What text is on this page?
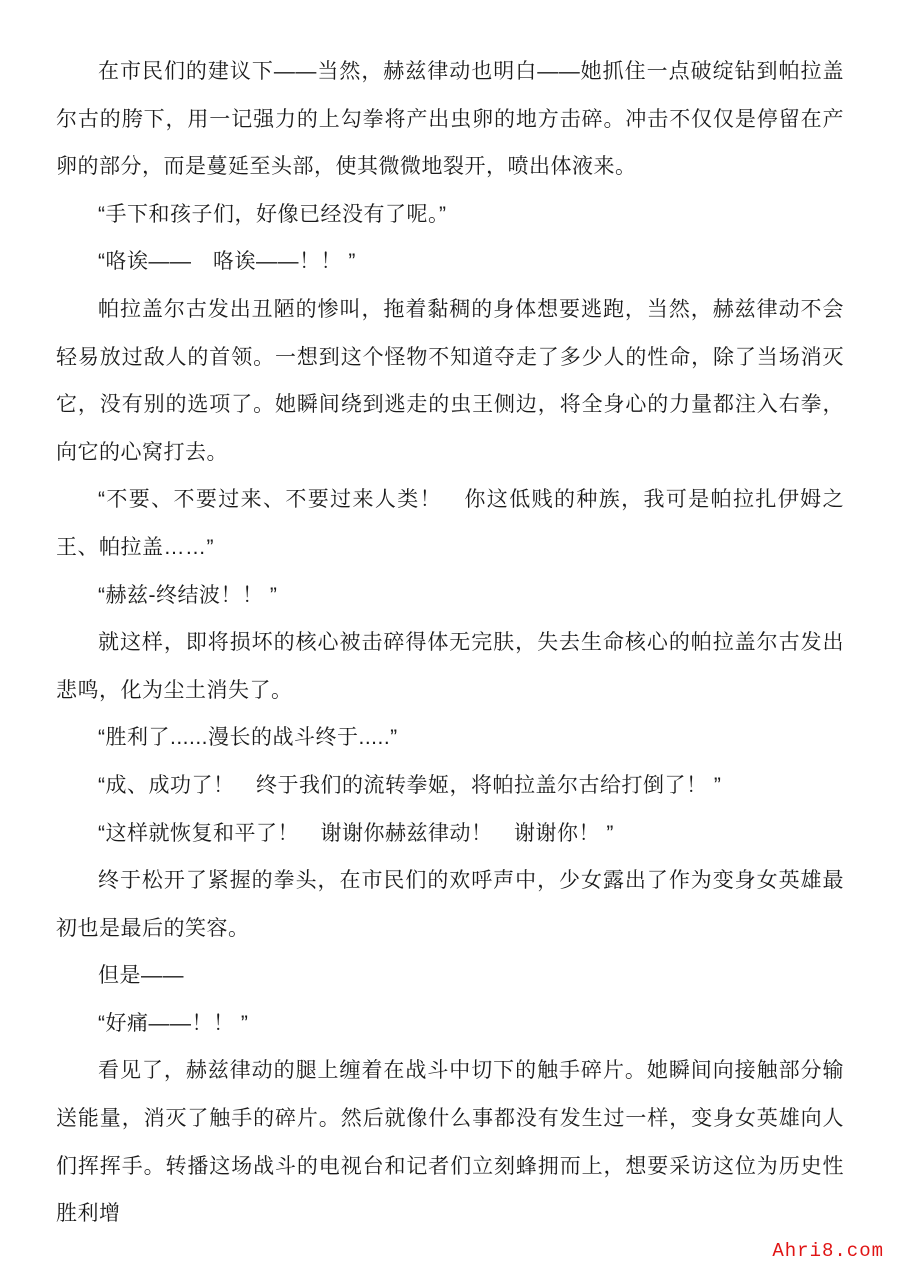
在市民们的建议下——当然，赫兹律动也明白——她抓住一点破绽钻到帕拉盖尔古的胯下，用一记强力的上勾拳将产出虫卵的地方击碎。冲击不仅仅是停留在产卵的部分，而是蔓延至头部，使其微微地裂开，喷出体液来。

“手下和孩子们，好像已经没有了呢。”

“咯诶——　咯诶——！！ ”

帕拉盖尔古发出丑陋的惨叫，拖着黏稠的身体想要逃跑，当然，赫兹律动不会轻易放过敌人的首领。一想到这个怪物不知道夺走了多少人的性命，除了当场消灭它，没有别的选项了。她瞬间绕到逃走的虫王侧边，将全身心的力量都注入右拳，向它的心窝打去。

“不要、不要过来、不要过来人类！　你这低贱的种族，我可是帕拉扎伊姆之王、帕拉盖……”

“赫兹-终结波！！ ”

就这样，即将损坏的核心被击碎得体无完肤，失去生命核心的帕拉盖尔古发出悲鸣，化为尘土消失了。

“胜利了......漫长的战斗终于.....”

“成、成功了！　终于我们的流转拳姬，将帕拉盖尔古给打倒了！ ”

“这样就恢复和平了！　谢谢你赫兹律动！　谢谢你！ ”

终于松开了紧握的拳头，在市民们的欢呼声中，少女露出了作为变身女英雄最初也是最后的笑容。

但是——

“好痛——！！ ”

看见了，赫兹律动的腿上缠着在战斗中切下的触手碎片。她瞬间向接触部分输送能量，消灭了触手的碎片。然后就像什么事都没有发生过一样，变身女英雄向人们挥挥手。转播这场战斗的电视台和记者们立刻蜂拥而上，想要采访这位为历史性胜利增

Ahri8.com
